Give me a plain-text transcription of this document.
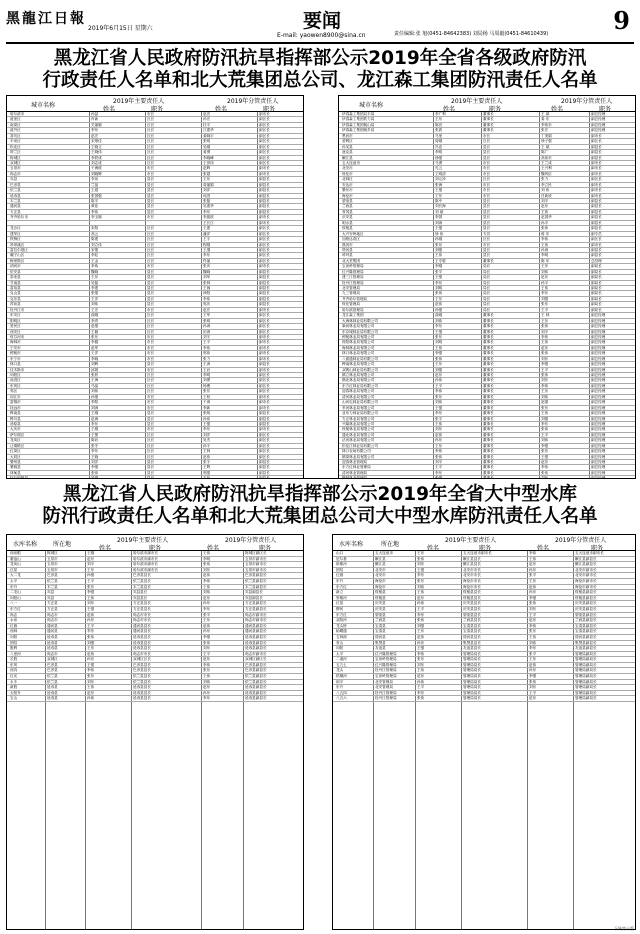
黑龍江日報
2019年6月15日 星期六	要闻
E-mail: yaowen8900@sina.cn	责任编辑:张 旭(0451-84642383) 刘局杨 马周毅(0451-84610439)	9
黑龙江省人民政府防汛抗旱指挥部公示2019年全省各级政府防汛
行政责任人名单和北大荒集团总公司、龙江森工集团防汛责任人名单
城市名称
2019年主要责任人	2019年分管责任人
姓名	职务	姓名	职务
哈尔滨市	孙喆	市长	赵亮	副市长
道里区	肖新	区长	孙宏	副区长
南岗区	关丽颖	区长	杜平	副区长
道外区	李东	区长	江建华	副区长
香坊区	赵宏	区长	姜晓宇	副区长
平房区	宋维佳	区长	张明	副区长
松北区	王晓文	区长	吴刚	副区长
呼兰区	王晓伟	区长	姜勇	副区长
阿城区	李铁成	区长	李晓峰	副区长
双城区	刘志成	区长	王世伟	副区长
五常市	于海波	市长	赵辉	副市长
尚志市	刘晓辉	市长	张超	副市长
宾县	李泉	县长	王东	副县长
巴彦县	兰晶	县长	周丽娟	副县长
依兰县	王超	县长	刘洋	副县长
延寿县	张国强	县长	何进	副县长
木兰县	陈平	县长	张磊	副县长
通河县	黄佳	县长	吴建华	副县长
方正县	李伟	县长	李东	副县长
齐齐哈尔市	李玉刚	市长	李振波	副市长
王长江	副市长
龙沙区	宋阳	区长	王建	副区长
建华区	高云	区长	潘洋	副区长
铁锋区	陈建	区长	王宇	副区长
昂昂溪区	刘立伟	区长	程刚	副区长
富拉尔基区	宋强	区长	王继	副区长
碾子山区	李虹	区长	李东	副区长
梅里斯区	王金	区长	佟丽	副区长
讷河市	李伟	市长	张庆	副市长
依安县	魏晓	县长	魏晓	副县长
泰来县	王东	县长	刘军	副县长
甘南县	吴磊	县长	张林	副县长
富裕县	李建	县长	王蓉	副县长
克山县	张强	县长	徐阳	副县长
克东县	王洋	县长	李伟	副县长
拜泉县	刘伟	县长	郭庆	副县长
牡丹江市	王宏	市长	赵宏	副市长
东安区	曲刚	区长	王军	副区长
阳明区	李青	区长	张明	副区长
爱民区	赵强	区长	孙涛	副区长
西安区	王颖	区长	田涛	副区长
绥芬河市	张东	市长	刘宇	副市长
海林市	李健	市长	王平	副市长
宁安市	赵军	市长	李伟	副市长
穆棱市	王洋	市长	郭伟	副市长
东宁市	李晓	市长	张力	副市长
林口县	刘辉	县长	王涛	副县长
佳木斯市	邱展	市长	王岩	副市长
向阳区	张欣	区长	李明	副区长
前进区	王海	区长	刘勇	副区长
东风区	马晶	区长	杨俊	副区长
郊区	刘伟	区长	张东	副区长
同江市	孙强	市长	王柏	副市长
富锦市	李阳	市长	于涛	副市长
抚远市	刘涛	市长	李新	副市长
桦南县	王刚	县长	张明	副县长
桦川县	赵海	县长	孙伟	副县长
汤原县	李东	县长	王强	副县长
大庆市	王刚	市长	李东	副市长
萨尔图区	王蕾	区长	刘洋	副区长
龙凤区	陈岩	区长	吴杰	副区长
让胡路区	张冬	区长	孙宇	副区长
红岗区	李东	区长	王林	副区长
大同区	王晓	区长	赵伟	副区长
肇州县	刘洋	县长	张宇	副县长
肇源县	李强	县长	王辉	副县长
林甸县	张伟	县长	郭强	副县长
城市名称
2019年主要责任人	2019年分管责任人
姓名	职务	姓名	职务
伊春森工集团双丰局	李广利	董事长	王 斌	副总经理
伊春森工集团铁力局	王东	董事长	姜 东	副总经理
伊春森工集团桃山局	陈亮	董事长	李伟东	副总经理
伊春森工集团朗乡局	张波	董事长	张宏	副总经理
黑河市	马里	市长	丁美娟	副市长
爱辉区	周刚	区长	徐子强	副区长
孙吴县	冯忠	县长	王 斌	副县长
逊克县	李明	县长	陈广	副县长
嫩江县	徐强	县长	高伟东	副县长
五大连池市	马勇	市长	王兰成	副市长
北安市	孔云	市长	王兴利	副市长
绥化市	王明清	市长	魏风臣	副市长
北林区	刘元冲	区长	张力	副区长
安达市	张海	市长	李立民	副市长
肇东市	王强	市长	刘 伟	副市长
海伦市	王东	市长	吕新欣	副市长
望奎县	陈中	县长	刘平	副县长
兰西县	刘长海	县长	赵东	副县长
青冈县	刘 斌	县长	王伟	副县长
庆安县	李国	县长	赵国华	副县长
明水县	刘涛	县长	孙平	副县长
绥棱县	王强	县长	张伟	副县长
大兴安岭地区	徐 伟	专员	蒋 东	副专员
加格达奇区	孙刚	区长	李伟	副区长
漠河市	张东	市长	王伟	副市长
塔河县	刘强	县长	孙涛	副县长
呼玛县	王伟	县长	李明	副县长
北大荒集团	王守聪	董事长	陈 东	总经理
宝泉岭管理局	李刚	局长	王东	副局长
红兴隆管理局	张平	局长	刘伟	副局长
建三江管理局	王强	局长	赵东	副局长
牡丹江管理局	李东	局长	孙平	副局长
北安管理局	刘明	局长	王伟	副局长
九三管理局	张伟	局长	李东	副局长
齐齐哈尔管理局	王东	局长	刘强	副局长
绥化管理局	赵伟	局长	张东	副局长
哈尔滨管理局	孙强	局长	王平	副局长
龙江森工集团	曲刚	董事长	王 林	副总经理
大海林林业局有限公司	刘伟	董事长	王东	副总经理
柴河林业局有限公司	李东	董事长	张伟	副总经理
东京城林业局有限公司	王强	董事长	刘平	副总经理
穆棱林业局有限公司	张东	董事长	李伟	副总经理
绥阳林业局有限公司	刘明	董事长	王伟	副总经理
海林林业局有限公司	王伟	董事长	赵东	副总经理
林口林业局有限公司	李强	董事长	张伟	副总经理
八面通林业局有限公司	张伟	董事长	刘东	副总经理
桦南林业局有限公司	王东	董事长	李强	副总经理
双鸭山林业局有限公司	刘强	董事长	王平	副总经理
鹤立林业局有限公司	赵东	董事长	张伟	副总经理
鹤北林业局有限公司	孙伟	董事长	刘东	副总经理
东方红林业局有限公司	王平	董事长	李伟	副总经理
迎春林业局有限公司	李伟	董事长	王东	副总经理
清河林业局有限公司	张东	董事长	刘伟	副总经理
山河屯林业局有限公司	刘伟	董事长	赵强	副总经理
苇河林业局有限公司	王强	董事长	张东	副总经理
亚布力林业局有限公司	李东	董事长	王伟	副总经理
方正林业局有限公司	张平	董事长	刘强	副总经理
兴隆林业局有限公司	王伟	董事长	李东	副总经理
绥棱林业局有限公司	刘东	董事长	张伟	副总经理
通北林业局有限公司	赵伟	董事长	王平	副总经理
沾河林业局有限公司	孙东	董事长	刘伟	副总经理
松花江林业局有限公司	王东	董事长	李强	副总经理
林口农场有限公司	李伟	董事长	张东	副总经理
鹤岗林业局有限公司	张伟	董事长	王强	副总经理
迎春林业管理局	刘平	董事长	赵东	副总经理
东方红林业管理局	王平	董事长	李伟	副总经理
清河林业管理局	李东	董事长	张伟	副总经理
黑龙江省人民政府防汛抗旱指挥部公示2019年全省大中型水库
防汛行政责任人名单和北大荒集团总公司大中型水库防汛责任人名单
水库名称	所在地
2019年主要责任人	2019年分管责任人
姓名	职务	姓名	职务
西泉眼	阿城区	王刚	哈尔滨市副市长	王伟	阿城区副区长
磨盘山	五常市	赵东	哈尔滨市副市长	李明	五常市副市长
龙凤山	五常市	刘平	哈尔滨市副市长	张伟	五常市副市长
红星	五常市	王东	哈尔滨市副市长	刘东	五常市副市长
大二龙	巴彦县	孙强	巴彦县县长	赵伟	巴彦县副县长
太平	依兰县	王平	依兰县县长	李伟	依兰县副县长
东升	木兰县	张东	木兰县县长	王伟	木兰县副县长
二龙山	宾县	李强	宾县县长	刘伟	宾县副县长
向阳山	宾县	王伟	宾县县长	赵东	宾县副县长
八一	方正县	刘东	方正县县长	孙东	方正县副县长
东方红	方正县	王强	方正县县长	李东	方正县副县长
尚志	尚志市	赵伟	尚志市市长	张平	尚志市副市长
水泉	尚志市	孙东	尚志市市长	王东	尚志市副市长
红旗	通河县	王平	通河县县长	赵伟	通河县副县长
西林	通河县	李东	通河县县长	孙东	通河县副县长
向阳	延寿县	张伟	延寿县县长	李强	延寿县副县长
团结	延寿县	刘强	延寿县县长	张伟	延寿县副县长
胜利	延寿县	王东	延寿县县长	刘东	延寿县副县长
八里河	尚志市	赵伟	尚志市市长	王平	尚志市副市长
长胜	双城区	孙东	双城区区长	赵东	双城区副区长
东风	巴彦县	王强	巴彦县县长	李伟	巴彦县副县长
西沟	巴彦县	李伟	巴彦县县长	张东	巴彦县副县长
红光	依兰县	张东	依兰县县长	王伟	依兰县副县长
永丰	依兰县	刘东	依兰县县长	刘伟	依兰县副县长
新胜	延寿县	王伟	延寿县县长	赵东	延寿县副县长
太阳升	延寿县	赵东	延寿县县长	孙东	延寿县副县长
宝山	延寿县	孙伟	延寿县县长	李东	延寿县副县长
水库名称	所在地
2019年主要责任人	2019年分管责任人
姓名	职务	姓名	职务
山口	五大连池市	王东	五大连池市副市长	李伟	五大连池市副市长
尼尔基	嫩江县	张伟	嫩江县县长	王伟	嫩江县副县长
卧都河	嫩江县	刘东	嫩江县县长	赵东	嫩江县副县长
团结	北安市	王强	北安市市长	孙东	北安市副市长
红旗	北安市	李东	北安市市长	张平	北安市副市长
东升	海伦市	张东	海伦市市长	王东	海伦市副市长
东方红	海伦市	刘伟	海伦市市长	赵伟	海伦市副市长
新立	绥棱县	王伟	绥棱县县长	孙东	绥棱县副县长
努敏河	绥棱县	赵东	绥棱县县长	李强	绥棱县副县长
红星	庆安县	孙伟	庆安县县长	张伟	庆安县副县长
柳河	庆安县	王平	庆安县县长	刘东	庆安县副县长
东方红	望奎县	李东	望奎县县长	王平	望奎县副县长
双阳河	兰西县	张伟	兰西县县长	赵东	兰西县副县长
龙头桥	宝清县	刘强	宝清县县长	李伟	宝清县副县长
蛤蟆通	宝清县	王东	宝清县县长	张东	宝清县副县长
五林洞	饶河县	赵伟	饶河县县长	王伟	饶河县副县长
青山	集贤县	孙东	集贤县县长	刘伟	集贤县副县长
向阳	友谊县	王强	友谊县县长	李东	友谊县副县长
太平	红兴隆管理局	李伟	管理局局长	张平	管理局副局长
二道河	宝泉岭管理局	张东	管理局局长	王东	管理局副局长
五九七	红兴隆管理局	刘东	管理局局长	赵伟	管理局副局长
龙头	牡丹江管理局	王伟	管理局局长	孙东	管理局副局长
梧桐河	宝泉岭管理局	赵东	管理局局长	李强	管理局副局长
和平	北安管理局	孙伟	管理局局长	张伟	管理局副局长
东升	北安管理局	王平	管理局局长	刘东	管理局副局长
八五四	牡丹江管理局	李东	管理局局长	王平	管理局副局长
八五六	牡丹江管理局	张伟	管理局局长	赵东	管理局副局长
下转第十版
